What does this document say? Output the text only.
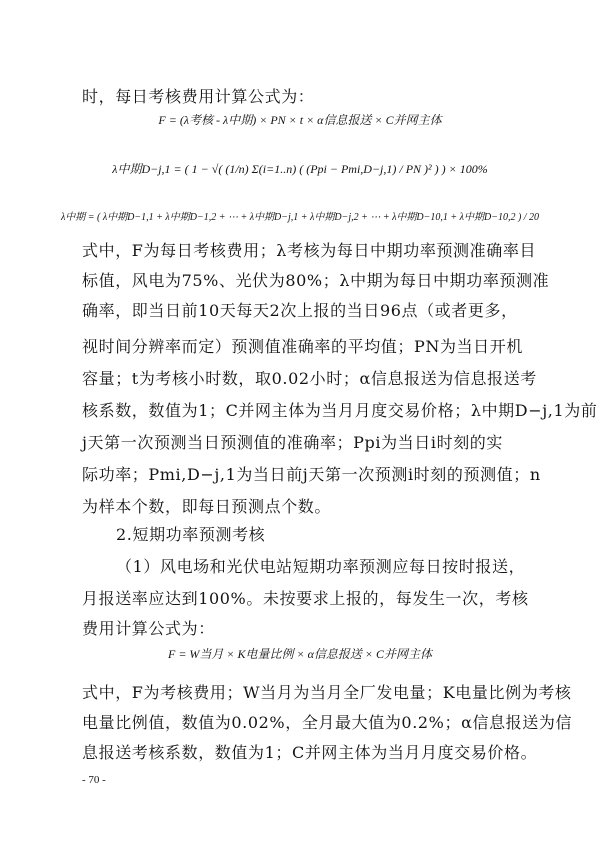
时，每日考核费用计算公式为：
F = (λ考核 - λ中期) × PN × t × α信息报送 × C并网主体
λ中期D−j,1 = ( 1 − √( (1/n) Σ(i=1..n) ( (Ppi − Pmi,D−j,1) / PN )² ) ) × 100%
λ中期 = ( λ中期D−1,1 + λ中期D−1,2 + ⋯ + λ中期D−j,1 + λ中期D−j,2 + ⋯ + λ中期D−10,1 + λ中期D−10,2 ) / 20
式中，F为每日考核费用；λ考核为每日中期功率预测准确率目
标值，风电为75%、光伏为80%；λ中期为每日中期功率预测准
确率，即当日前10天每天2次上报的当日96点（或者更多，
视时间分辨率而定）预测值准确率的平均值；PN为当日开机
容量；t为考核小时数，取0.02小时；α信息报送为信息报送考
核系数，数值为1；C并网主体为当月月度交易价格；λ中期D−j,1为前
j天第一次预测当日预测值的准确率；Ppi为当日i时刻的实
际功率；Pmi,D−j,1为当日前j天第一次预测i时刻的预测值；n
为样本个数，即每日预测点个数。
2.短期功率预测考核
（1）风电场和光伏电站短期功率预测应每日按时报送，
月报送率应达到100%。未按要求上报的，每发生一次，考核
费用计算公式为：
F = W当月 × K电量比例 × α信息报送 × C并网主体
式中，F为考核费用；W当月为当月全厂发电量；K电量比例为考核
电量比例值，数值为0.02%，全月最大值为0.2%；α信息报送为信
息报送考核系数，数值为1；C并网主体为当月月度交易价格。
- 70 -
